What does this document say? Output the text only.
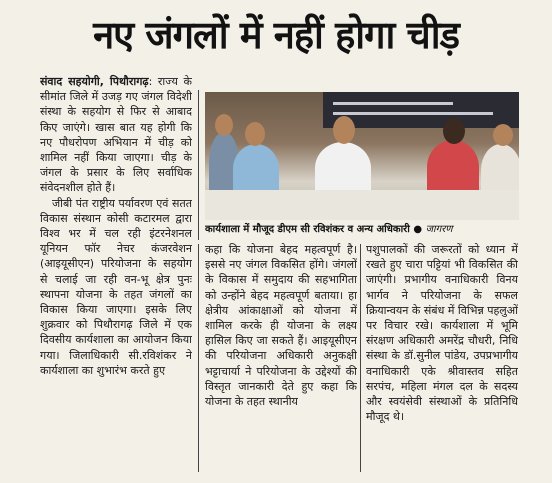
नए जंगलों में नहीं होगा चीड़

संवाद सहयोगी, पिथौरागढ़: राज्य के सीमांत जिले में उजड़ गए जंगल विदेशी संस्था के सहयोग से फिर से आबाद किए जाएंगे। खास बात यह होगी कि नए पौधरोपण अभियान में चीड़ को शामिल नहीं किया जाएगा। चीड़ के जंगल के प्रसार के लिए सर्वाधिक संवेदनशील होते हैं।

जीबी पंत राष्ट्रीय पर्यावरण एवं सतत विकास संस्थान कोसी कटारमल द्वारा विश्व भर में चल रही इंटरनेशनल यूनियन फॉर नेचर कंजरवेशन (आइयूसीएन) परियोजना के सहयोग से चलाई जा रही वन-भू क्षेत्र पुनः स्थापना योजना के तहत जंगलों का विकास किया जाएगा। इसके लिए शुक्रवार को पिथौरागढ़ जिले में एक दिवसीय कार्यशाला का आयोजन किया गया। जिलाधिकारी सी.रविशंकर ने कार्यशाला का शुभारंभ करते हुए

कार्यशाला में मौजूद डीएम सी रविशंकर व अन्य अधिकारी ● जागरण
कहा कि योजना बेहद महत्वपूर्ण है। इससे नए जंगल विकसित होंगे। जंगलों के विकास में समुदाय की सहभागिता को उन्होंने बेहद महत्वपूर्ण बताया। हा क्षेत्रीय आंकाक्षाओं को योजना में शामिल करके ही योजना के लक्ष्य हासिल किए जा सकते हैं। आइयूसीएन की परियोजना अधिकारी अनुकक्षी भट्टाचार्या ने परियोजना के उद्देश्यों की विस्तृत जानकारी देते हुए कहा कि योजना के तहत स्थानीय
पशुपालकों की जरूरतों को ध्यान में रखते हुए चारा पट्टियां भी विकसित की जाएंगी। प्रभागीय वनाधिकारी विनय भार्गव ने परियोजना के सफल क्रियान्वयन के संबंध में विभिन्न पहलुओं पर विचार रखे। कार्यशाला में भूमि संरक्षण अधिकारी अमरेंद्र चौधरी, निधि संस्था के डॉ.सुनील पांडेय, उपप्रभागीय वनाधिकारी एके श्रीवास्तव सहित सरपंच, महिला मंगल दल के सदस्य और स्वयंसेवी संस्थाओं के प्रतिनिधि मौजूद थे।
